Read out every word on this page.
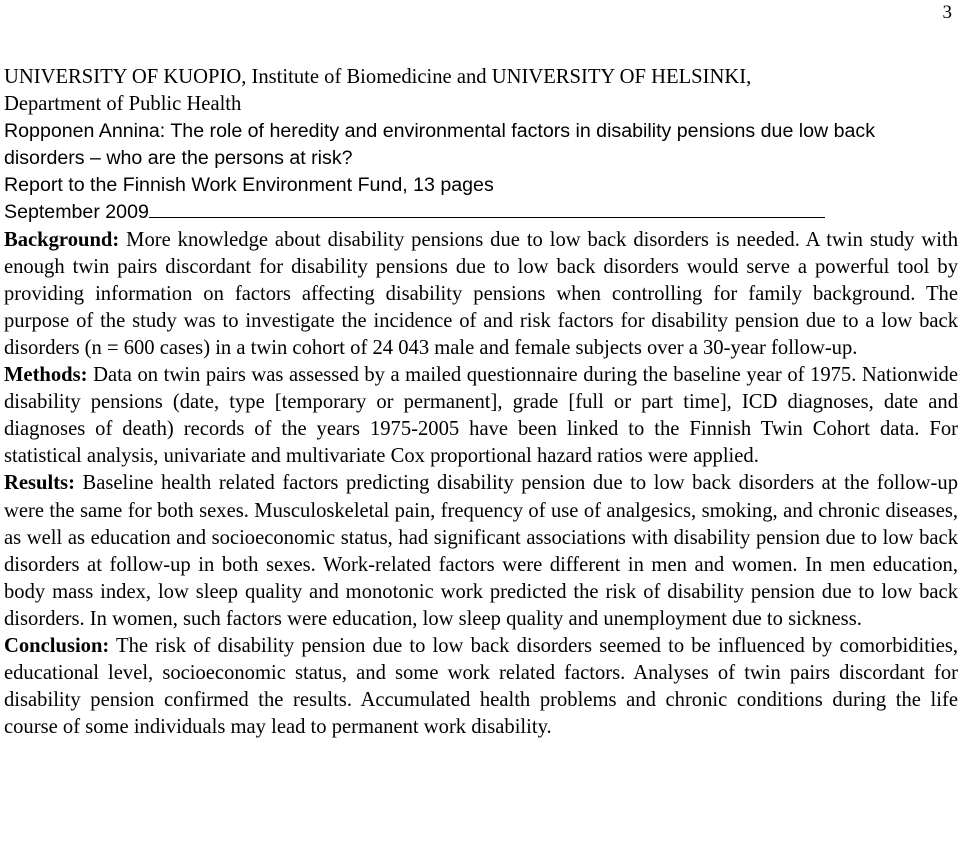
3

UNIVERSITY OF KUOPIO, Institute of Biomedicine and UNIVERSITY OF HELSINKI,

Department of Public Health

Ropponen Annina: The role of heredity and environmental factors in disability pensions due low back disorders – who are the persons at risk?

Report to the Finnish Work Environment Fund, 13 pages

September 2009

Background: More knowledge about disability pensions due to low back disorders is needed. A twin study with enough twin pairs discordant for disability pensions due to low back disorders would serve a powerful tool by providing information on factors affecting disability pensions when controlling for family background. The purpose of the study was to investigate the incidence of and risk factors for disability pension due to a low back disorders (n = 600 cases) in a twin cohort of 24 043 male and female subjects over a 30-year follow-up.

Methods: Data on twin pairs was assessed by a mailed questionnaire during the baseline year of 1975. Nationwide disability pensions (date, type [temporary or permanent], grade [full or part time], ICD diagnoses, date and diagnoses of death) records of the years 1975-2005 have been linked to the Finnish Twin Cohort data. For statistical analysis, univariate and multivariate Cox proportional hazard ratios were applied.

Results: Baseline health related factors predicting disability pension due to low back disorders at the follow-up were the same for both sexes. Musculoskeletal pain, frequency of use of analgesics, smoking, and chronic diseases, as well as education and socioeconomic status, had significant associations with disability pension due to low back disorders at follow-up in both sexes. Work-related factors were different in men and women. In men education, body mass index, low sleep quality and monotonic work predicted the risk of disability pension due to low back disorders. In women, such factors were education, low sleep quality and unemployment due to sickness.

Conclusion: The risk of disability pension due to low back disorders seemed to be influenced by comorbidities, educational level, socioeconomic status, and some work related factors. Analyses of twin pairs discordant for disability pension confirmed the results. Accumulated health problems and chronic conditions during the life course of some individuals may lead to permanent work disability.
